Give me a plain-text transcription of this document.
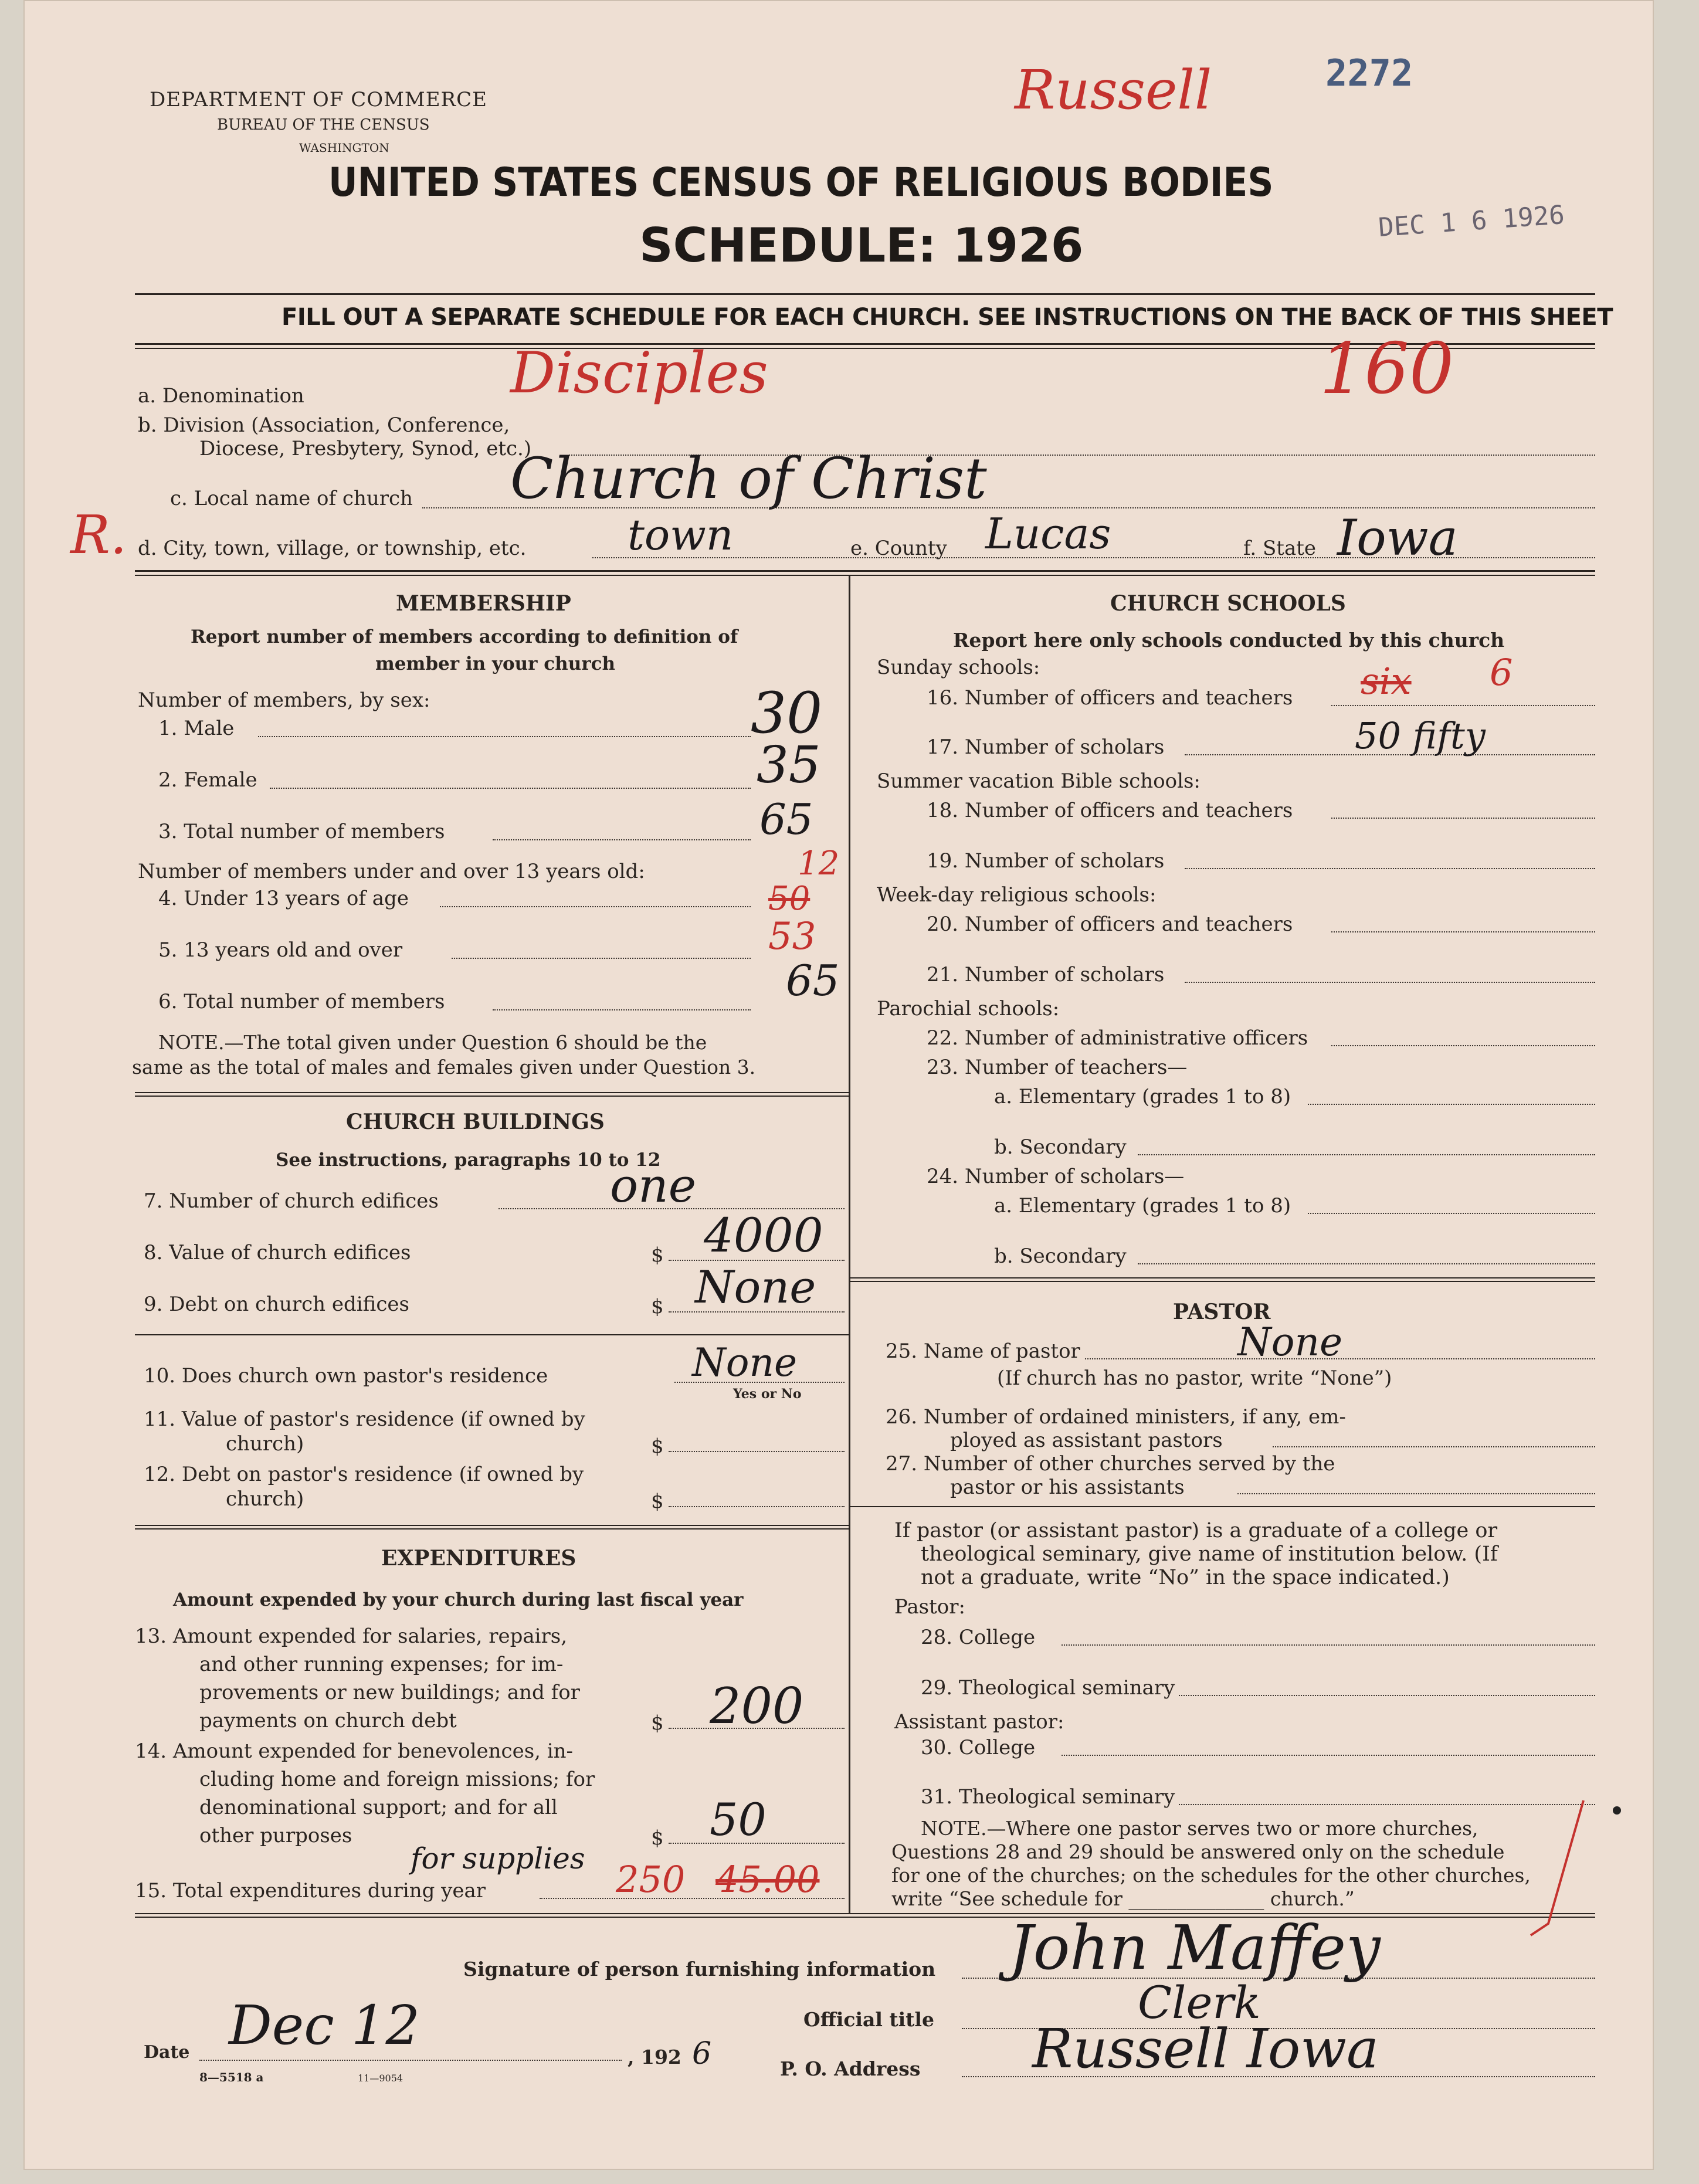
DEPARTMENT OF COMMERCE
BUREAU OF THE CENSUS
WASHINGTON
Russell	2272
DEC 1 6 1926
UNITED STATES CENSUS OF RELIGIOUS BODIES
SCHEDULE: 1926
FILL OUT A SEPARATE SCHEDULE FOR EACH CHURCH. SEE INSTRUCTIONS ON THE BACK OF THIS SHEET
a. Denomination	Disciples	160
R.
b. Division (Association, Conference,
Diocese, Presbytery, Synod, etc.)
c. Local name of church Church of Christ
d. City, town, village, or township, etc. town	e. County Lucas	f. State Iowa
MEMBERSHIP
Report number of members according to definition of
member in your church
Number of members, by sex:
1. Male	30
2. Female	35
3. Total number of members	65
Number of members under and over 13 years old:
4. Under 13 years of age	50
12
5. 13 years old and over	53
6. Total number of members	65
NOTE.—The total given under Question 6 should be the
same as the total of males and females given under Question 3.
CHURCH BUILDINGS
See instructions, paragraphs 10 to 12
7. Number of church edifices	one
8. Value of church edifices	$ 4000
9. Debt on church edifices	$ None
10. Does church own pastor's residence	None
Yes or No
11. Value of pastor's residence (if owned by
church)	$
12. Debt on pastor's residence (if owned by
church)	$
EXPENDITURES
Amount expended by your church during last fiscal year
13. Amount expended for salaries, repairs,
and other running expenses; for im-
provements or new buildings; and for
payments on church debt	$ 200
14. Amount expended for benevolences, in-
cluding home and foreign missions; for
denominational support; and for all
other purposes	$ 50
for supplies
15. Total expenditures during year	250 45.00
CHURCH SCHOOLS
Report here only schools conducted by this church
Sunday schools:
16. Number of officers and teachers six 6
17. Number of scholars	50 fifty
Summer vacation Bible schools:
18. Number of officers and teachers
19. Number of scholars
Week-day religious schools:
20. Number of officers and teachers
21. Number of scholars
Parochial schools:
22. Number of administrative officers
23. Number of teachers—
a. Elementary (grades 1 to 8)
b. Secondary
24. Number of scholars—
a. Elementary (grades 1 to 8)
b. Secondary
PASTOR
25. Name of pastor	None
(If church has no pastor, write “None”)
26. Number of ordained ministers, if any, em-
ployed as assistant pastors
27. Number of other churches served by the
pastor or his assistants
If pastor (or assistant pastor) is a graduate of a college or
theological seminary, give name of institution below. (If
not a graduate, write “No” in the space indicated.)
Pastor:
28. College
29. Theological seminary
Assistant pastor:
30. College
31. Theological seminary
NOTE.—Where one pastor serves two or more churches,
Questions 28 and 29 should be answered only on the schedule
for one of the churches; on the schedules for the other churches,
write “See schedule for ______________ church.”
Signature of person furnishing information John Maffey
Official title	Clerk
Date Dec 12
, 192 6	P. O. Address Russell Iowa
8—5518 a	11—9054
